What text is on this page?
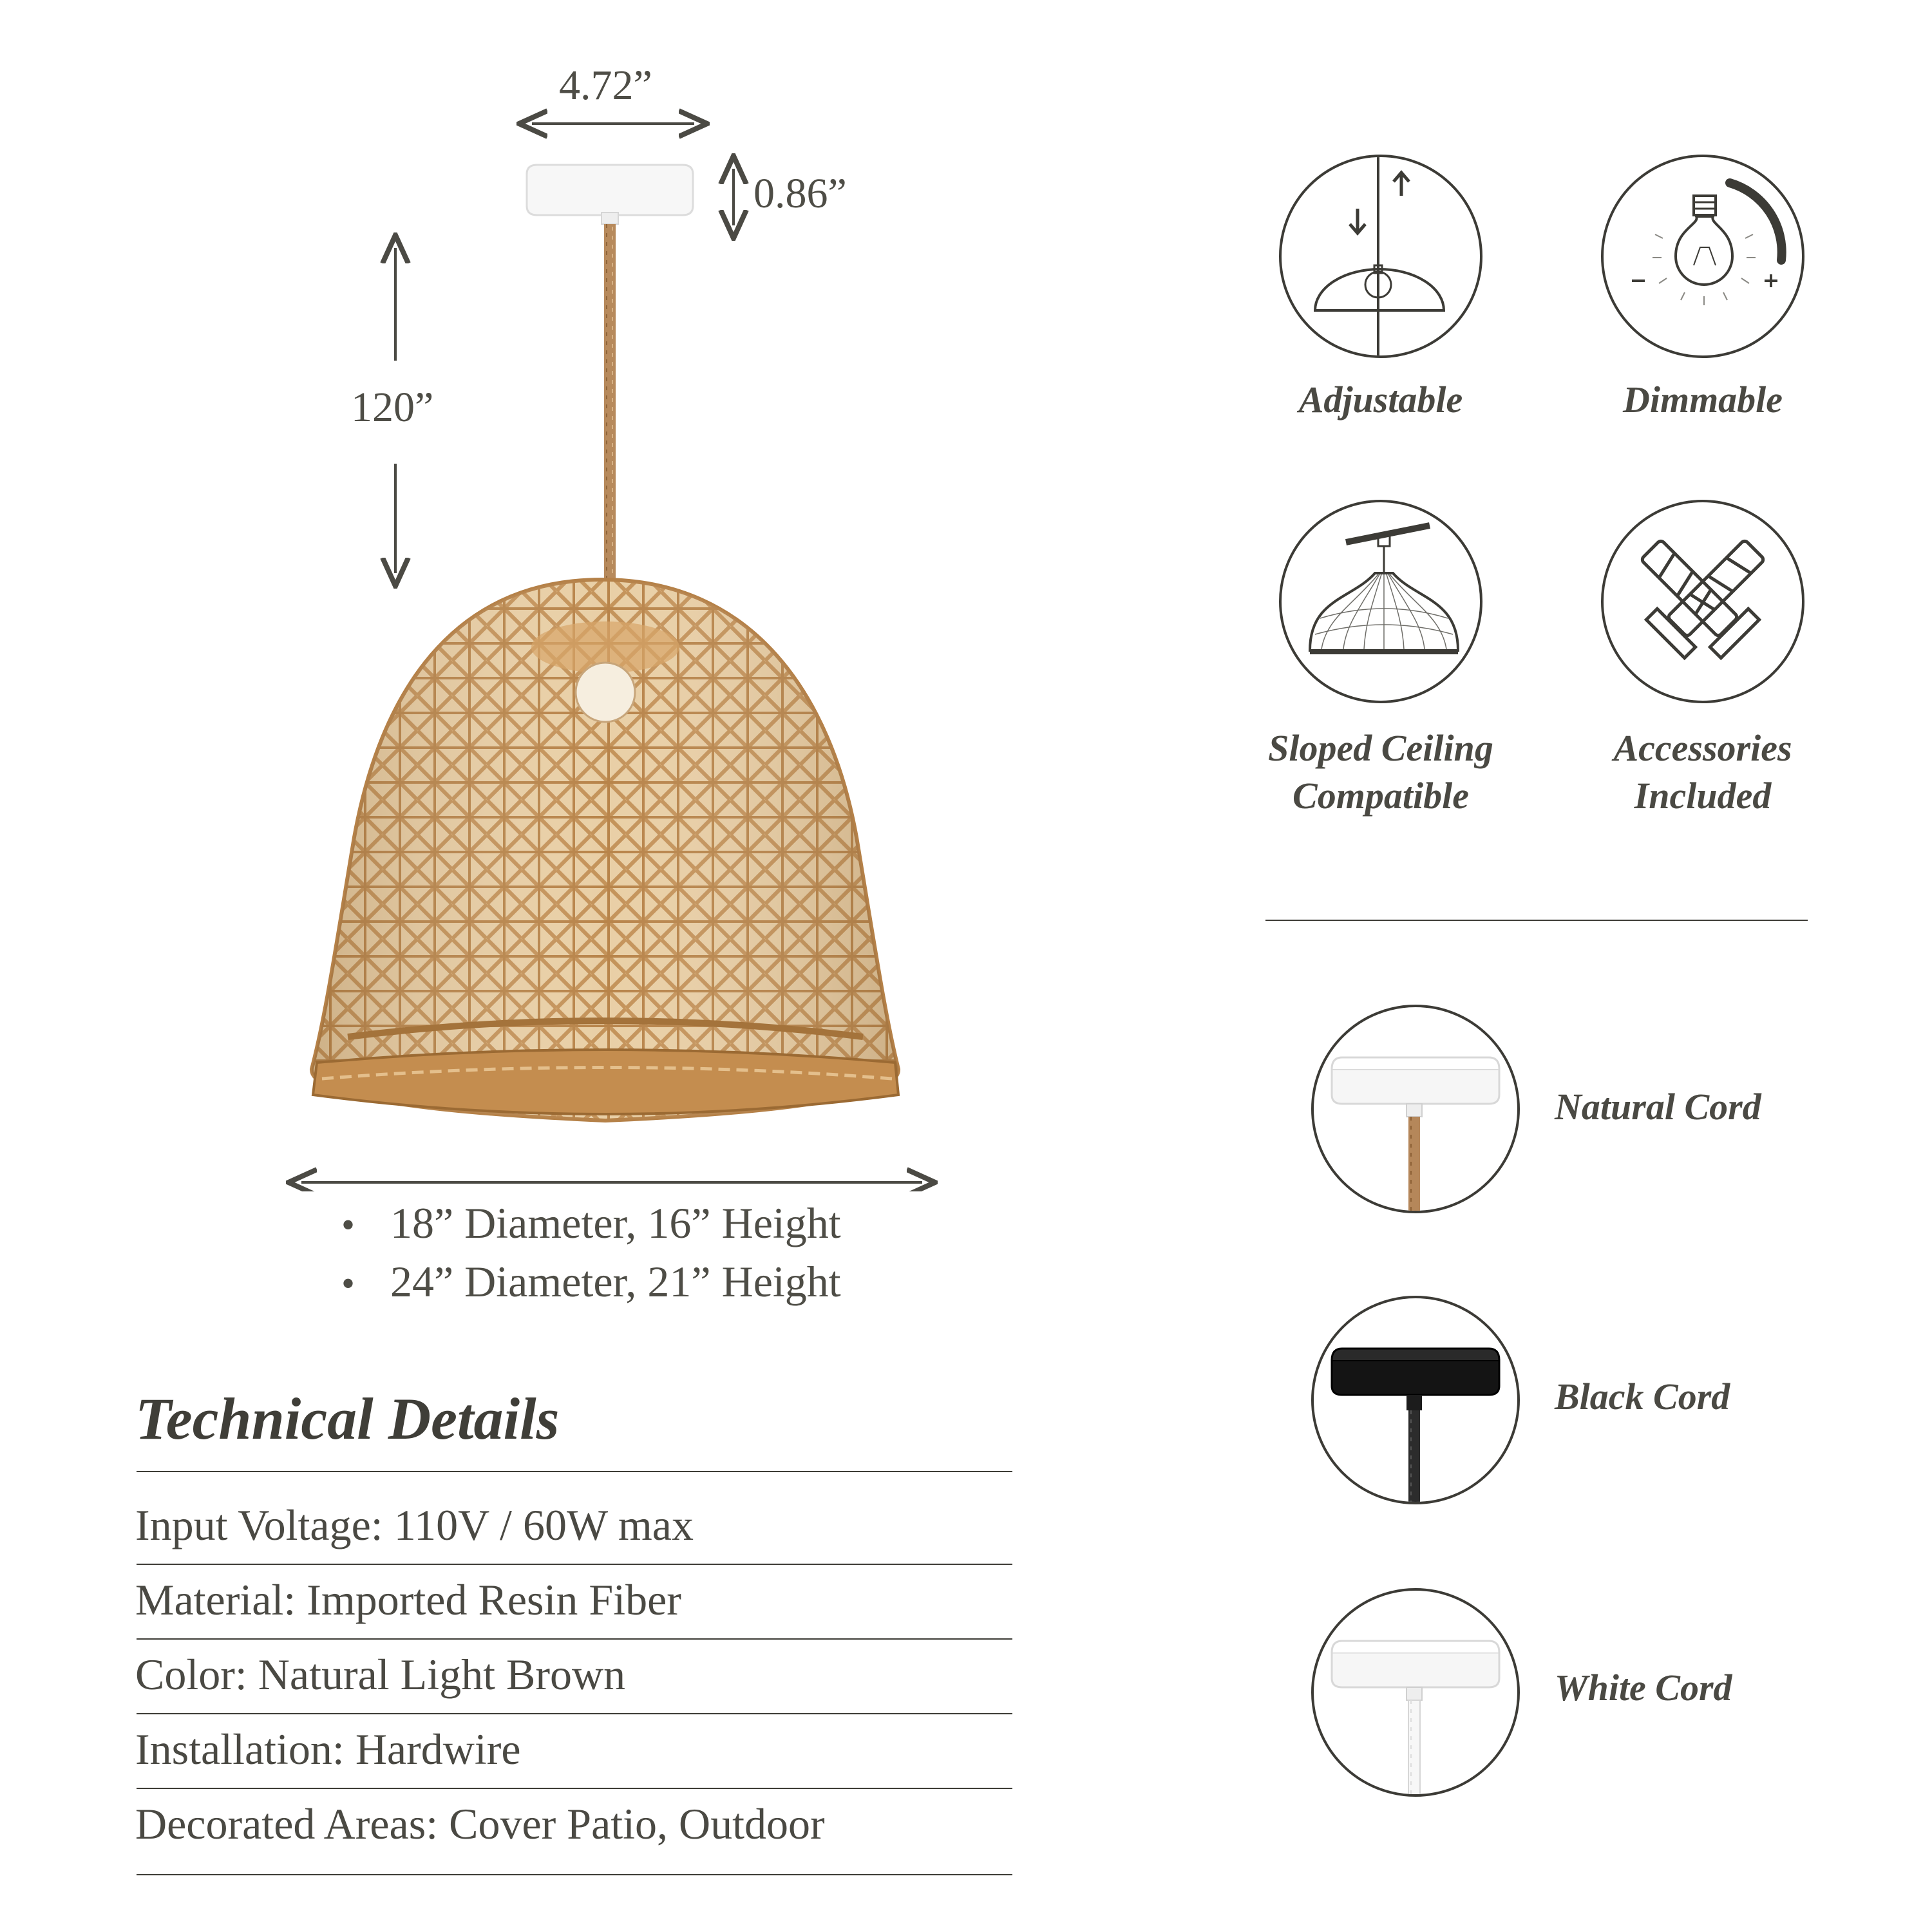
4.72”
0.86”
120”
• 18” Diameter, 16” Height
• 24” Diameter, 21” Height
Technical Details
Input Voltage: 110V / 60W max
Material: Imported Resin Fiber
Color: Natural Light Brown
Installation: Hardwire
Decorated Areas: Cover Patio, Outdoor
Adjustable	Dimmable
Sloped Ceiling
Compatible
Accessories
Included
Natural Cord
Black Cord
White Cord
